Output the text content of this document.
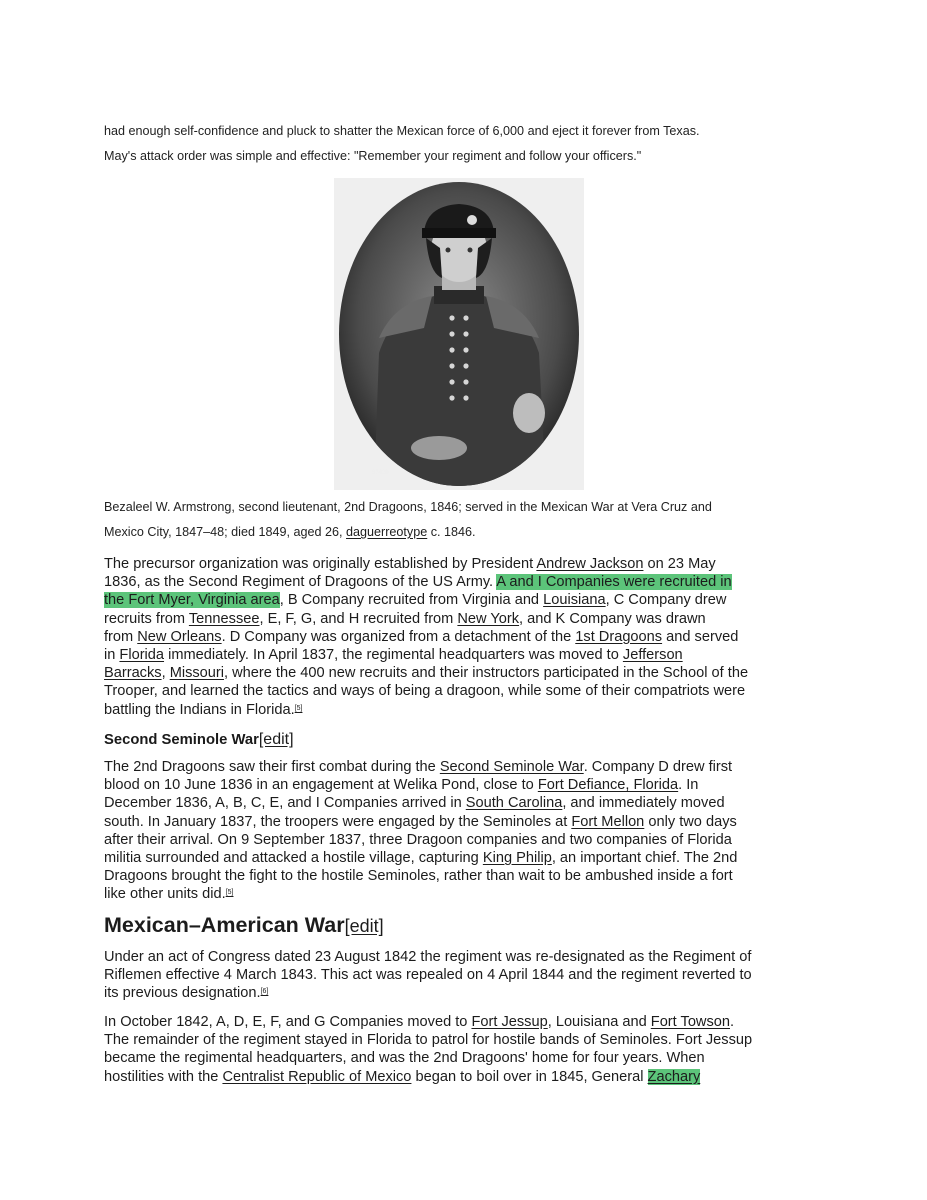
had enough self-confidence and pluck to shatter the Mexican force of 6,000 and eject it forever from Texas.
May's attack order was simple and effective: "Remember your regiment and follow your officers."
83420
Bezaleel W. Armstrong, second lieutenant, 2nd Dragoons, 1846; served in the Mexican War at Vera Cruz and
Mexico City, 1847–48; died 1849, aged 26, daguerreotype c. 1846.
The precursor organization was originally established by President Andrew Jackson on 23 May
1836, as the Second Regiment of Dragoons of the US Army. A and I Companies were recruited in
the Fort Myer, Virginia area, B Company recruited from Virginia and Louisiana, C Company drew
recruits from Tennessee, E, F, G, and H recruited from New York, and K Company was drawn
from New Orleans. D Company was organized from a detachment of the 1st Dragoons and served
in Florida immediately. In April 1837, the regimental headquarters was moved to Jefferson
Barracks, Missouri, where the 400 new recruits and their instructors participated in the School of the
Trooper, and learned the tactics and ways of being a dragoon, while some of their compatriots were
battling the Indians in Florida.[5]
Second Seminole War[edit]
The 2nd Dragoons saw their first combat during the Second Seminole War. Company D drew first
blood on 10 June 1836 in an engagement at Welika Pond, close to Fort Defiance, Florida. In
December 1836, A, B, C, E, and I Companies arrived in South Carolina, and immediately moved
south. In January 1837, the troopers were engaged by the Seminoles at Fort Mellon only two days
after their arrival. On 9 September 1837, three Dragoon companies and two companies of Florida
militia surrounded and attacked a hostile village, capturing King Philip, an important chief. The 2nd
Dragoons brought the fight to the hostile Seminoles, rather than wait to be ambushed inside a fort
like other units did.[5]
Mexican–American War[edit]
Under an act of Congress dated 23 August 1842 the regiment was re-designated as the Regiment of
Riflemen effective 4 March 1843. This act was repealed on 4 April 1844 and the regiment reverted to
its previous designation.[6]
In October 1842, A, D, E, F, and G Companies moved to Fort Jessup, Louisiana and Fort Towson.
The remainder of the regiment stayed in Florida to patrol for hostile bands of Seminoles. Fort Jessup
became the regimental headquarters, and was the 2nd Dragoons' home for four years. When
hostilities with the Centralist Republic of Mexico began to boil over in 1845, General Zachary
